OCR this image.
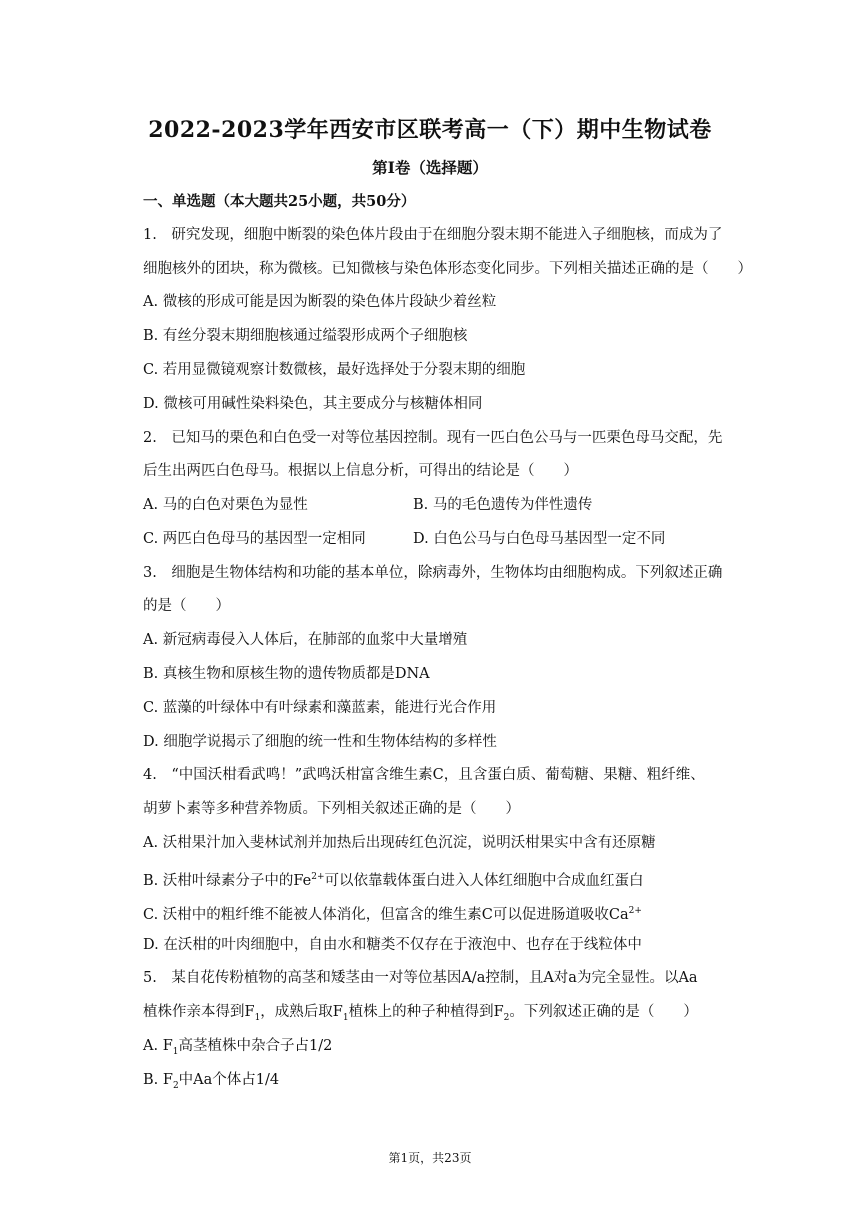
2022-2023学年西安市区联考高一（下）期中生物试卷
第I卷（选择题）
一、单选题（本大题共25小题，共50分）
1.　研究发现，细胞中断裂的染色体片段由于在细胞分裂末期不能进入子细胞核，而成为了
细胞核外的团块，称为微核。已知微核与染色体形态变化同步。下列相关描述正确的是（　　）
A. 微核的形成可能是因为断裂的染色体片段缺少着丝粒
B. 有丝分裂末期细胞核通过缢裂形成两个子细胞核
C. 若用显微镜观察计数微核，最好选择处于分裂末期的细胞
D. 微核可用碱性染料染色，其主要成分与核糖体相同
2.　已知马的栗色和白色受一对等位基因控制。现有一匹白色公马与一匹栗色母马交配，先
后生出两匹白色母马。根据以上信息分析，可得出的结论是（　　）
A. 马的白色对栗色为显性	B. 马的毛色遗传为伴性遗传
C. 两匹白色母马的基因型一定相同	D. 白色公马与白色母马基因型一定不同
3.　细胞是生物体结构和功能的基本单位，除病毒外，生物体均由细胞构成。下列叙述正确
的是（　　）
A. 新冠病毒侵入人体后，在肺部的血浆中大量增殖
B. 真核生物和原核生物的遗传物质都是DNA
C. 蓝藻的叶绿体中有叶绿素和藻蓝素，能进行光合作用
D. 细胞学说揭示了细胞的统一性和生物体结构的多样性
4.　“中国沃柑看武鸣！”武鸣沃柑富含维生素C，且含蛋白质、葡萄糖、果糖、粗纤维、
胡萝卜素等多种营养物质。下列相关叙述正确的是（　　）
A. 沃柑果汁加入斐林试剂并加热后出现砖红色沉淀，说明沃柑果实中含有还原糖
B. 沃柑叶绿素分子中的$Fe^{2+}$可以依靠载体蛋白进入人体红细胞中合成血红蛋白
C. 沃柑中的粗纤维不能被人体消化，但富含的维生素C可以促进肠道吸收$Ca^{2+}$
D. 在沃柑的叶肉细胞中，自由水和糖类不仅存在于液泡中、也存在于线粒体中
5.　某自花传粉植物的高茎和矮茎由一对等位基因A/a控制，且A对a为完全显性。以Aa
植株作亲本得到$F_1$，成熟后取$F_1$植株上的种子种植得到$F_2$。下列叙述正确的是（　　）
A. $F_1$高茎植株中杂合子占1/2
B. $F_2$中Aa个体占1/4
第1页，共23页
